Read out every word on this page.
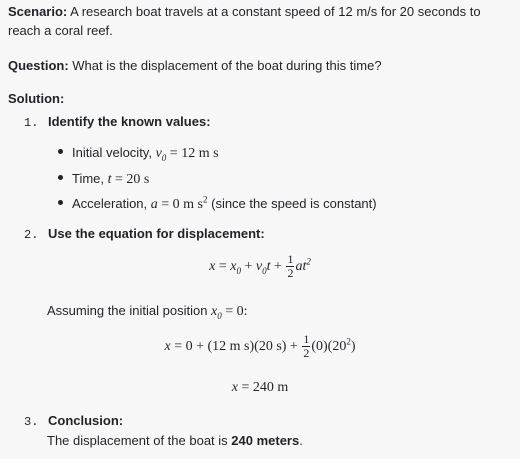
Scenario: A research boat travels at a constant speed of 12 m/s for 20 seconds to reach a coral reef.

Question: What is the displacement of the boat during this time?

Solution:

1. Identify the known values:
Initial velocity, $v_0 = 12$ m s
Time, t = 20 s
Acceleration, a = 0 m $s^2$ (since the speed is constant)
2. Use the equation for displacement:
$x = x_0 + v_0t + \frac{1}{2} at^2$
Assuming the initial position $x_0 = 0$:
x = 0 + (12 m s)(20 $s) + \frac{1}{2} (0)(20^2)$
x = 240 m
3. Conclusion:
The displacement of the boat is 240 meters.
